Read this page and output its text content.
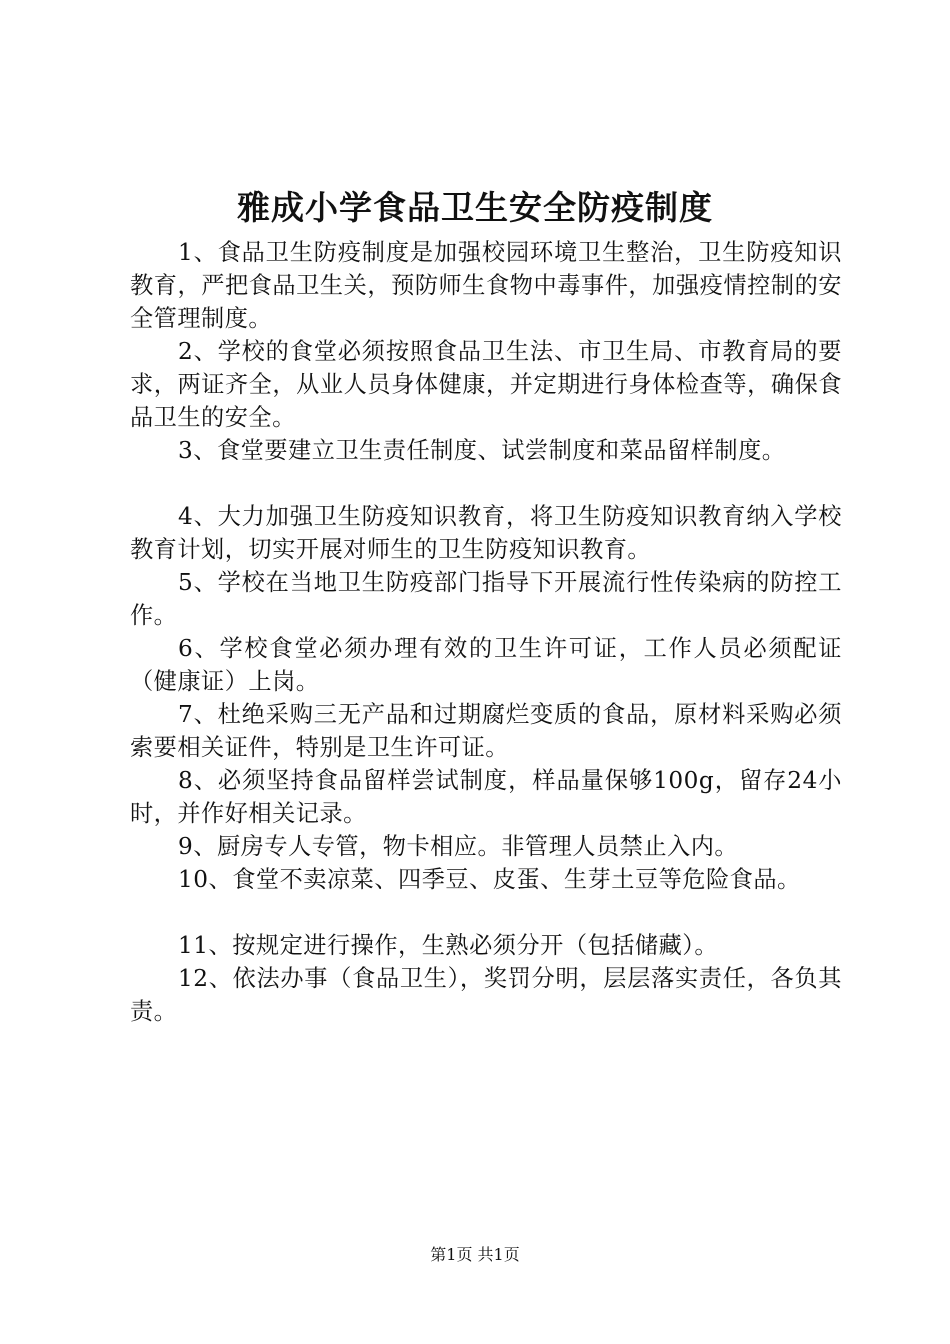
雅成小学食品卫生安全防疫制度

1、食品卫生防疫制度是加强校园环境卫生整治，卫生防疫知识教育，严把食品卫生关，预防师生食物中毒事件，加强疫情控制的安全管理制度。

2、学校的食堂必须按照食品卫生法、市卫生局、市教育局的要求，两证齐全，从业人员身体健康，并定期进行身体检查等，确保食品卫生的安全。

3、食堂要建立卫生责任制度、试尝制度和菜品留样制度。

4、大力加强卫生防疫知识教育，将卫生防疫知识教育纳入学校教育计划，切实开展对师生的卫生防疫知识教育。

5、学校在当地卫生防疫部门指导下开展流行性传染病的防控工作。

6、学校食堂必须办理有效的卫生许可证，工作人员必须配证（健康证）上岗。

7、杜绝采购三无产品和过期腐烂变质的食品，原材料采购必须索要相关证件，特别是卫生许可证。

8、必须坚持食品留样尝试制度，样品量保够100g，留存24小时，并作好相关记录。

9、厨房专人专管，物卡相应。非管理人员禁止入内。

10、食堂不卖凉菜、四季豆、皮蛋、生芽土豆等危险食品。

11、按规定进行操作，生熟必须分开（包括储藏）。

12、依法办事（食品卫生），奖罚分明，层层落实责任，各负其责。

第1页 共1页
